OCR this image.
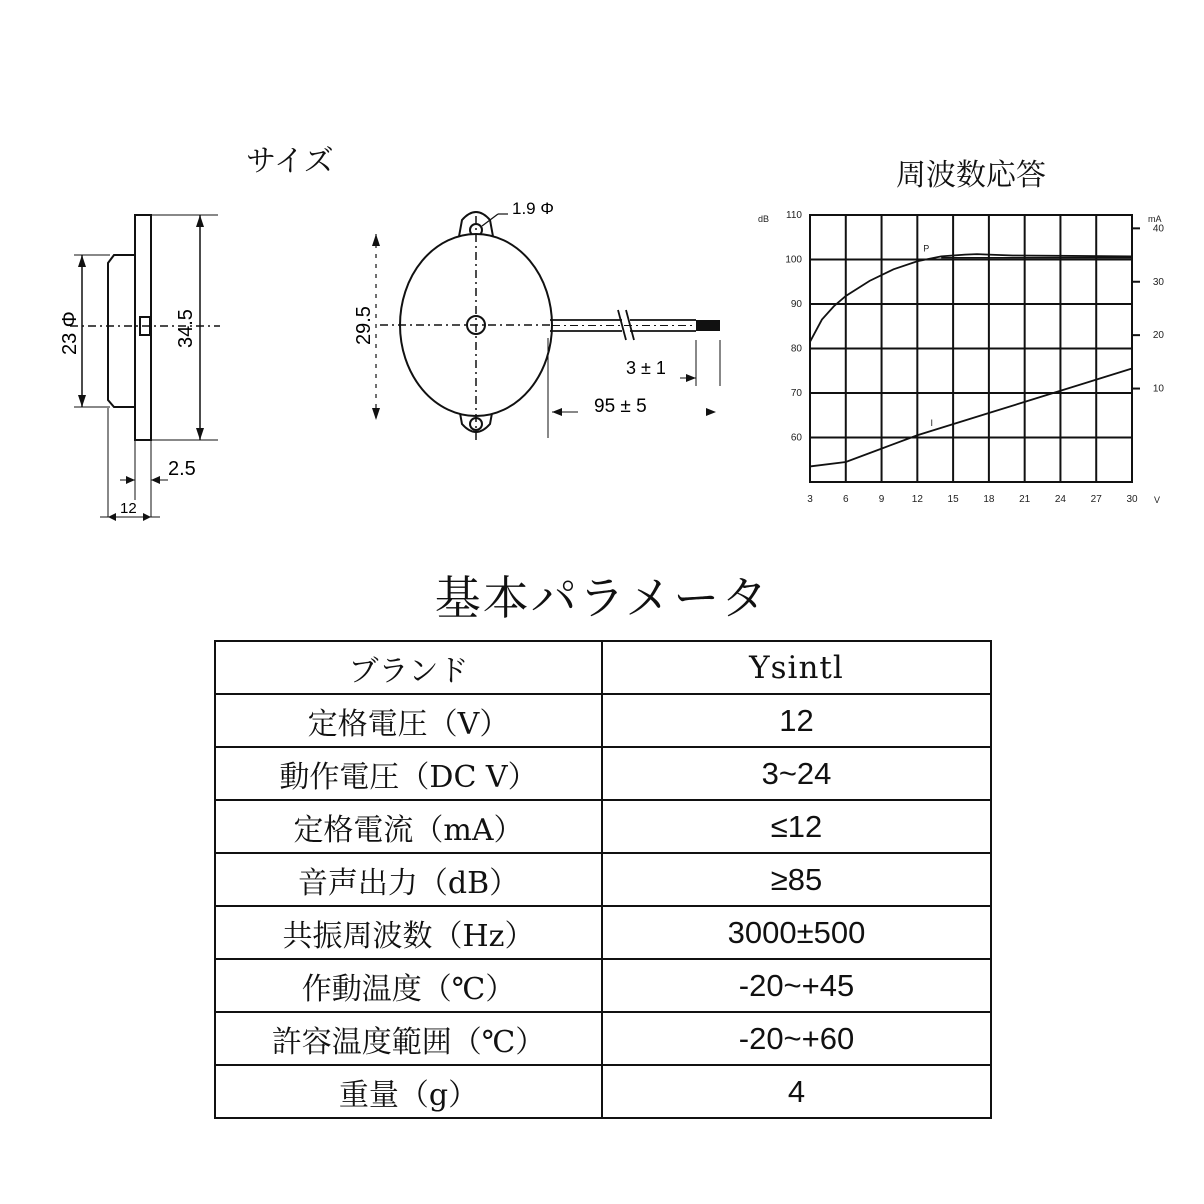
サイズ	周波数応答
23 Φ	34.5
2.5
12
1.9 Φ
29.5
3 ± 1
95 ± 5
110
100
90
80
70
60
40
30
20
10
3	6	9	12 15 18 21 24 27 30
dB	mA
V
P
I
基本パラメータ
ブランド	Ysintl
定格電圧（V）	12
動作電圧（DC V）	3~24
定格電流（mA）	≤12
音声出力（dB）	≥85
共振周波数（Hz）	3000±500
作動温度（℃）	-20~+45
許容温度範囲（℃）	-20~+60
重量（g）	4
